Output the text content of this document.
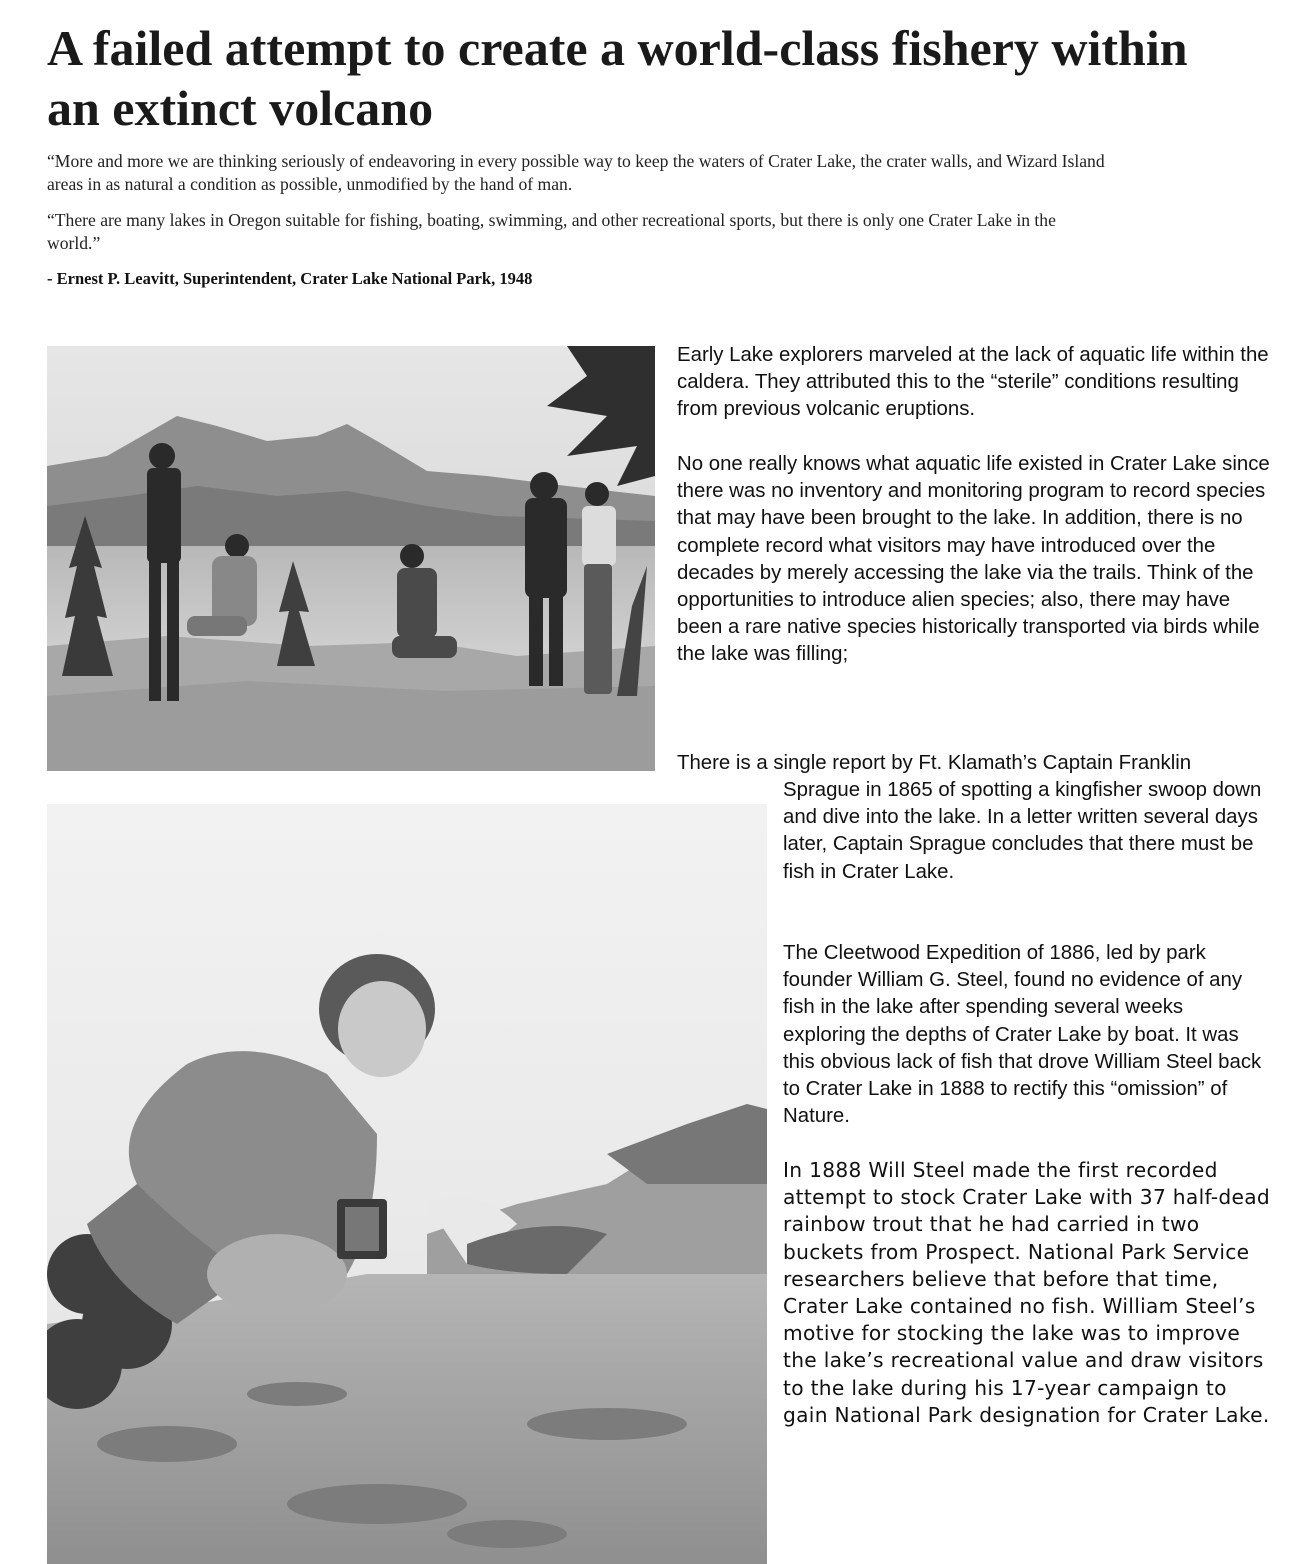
A failed attempt to create a world-class fishery within an extinct volcano

“More and more we are thinking seriously of endeavoring in every possible way to keep the waters of Crater Lake, the crater walls, and Wizard Island areas in as natural a condition as possible, unmodified by the hand of man.

“There are many lakes in Oregon suitable for fishing, boating, swimming, and other recreational sports, but there is only one Crater Lake in the world.”

- Ernest P. Leavitt, Superintendent, Crater Lake National Park, 1948

Early Lake explorers marveled at the lack of aquatic life within the caldera. They attributed this to the “sterile” conditions resulting from previous volcanic eruptions.

No one really knows what aquatic life existed in Crater Lake since there was no inventory and monitoring program to record species that may have been brought to the lake. In addition, there is no complete record what visitors may have introduced over the decades by merely accessing the lake via the trails. Think of the opportunities to introduce alien species; also, there may have been a rare native species historically transported via birds while the lake was filling;

There is a single report by Ft. Klamath’s Captain Franklin

Sprague in 1865 of spotting a kingfisher swoop down and dive into the lake. In a letter written several days later, Captain Sprague concludes that there must be fish in Crater Lake.

The Cleetwood Expedition of 1886, led by park founder William G. Steel, found no evidence of any fish in the lake after spending several weeks exploring the depths of Crater Lake by boat. It was this obvious lack of fish that drove William Steel back to Crater Lake in 1888 to rectify this “omission” of Nature.

In 1888 Will Steel made the first recorded attempt to stock Crater Lake with 37 half-dead rainbow trout that he had carried in two buckets from Prospect. National Park Service researchers believe that before that time, Crater Lake contained no fish. William Steel’s motive for stocking the lake was to improve the lake’s recreational value and draw visitors to the lake during his 17-year campaign to gain National Park designation for Crater Lake.
